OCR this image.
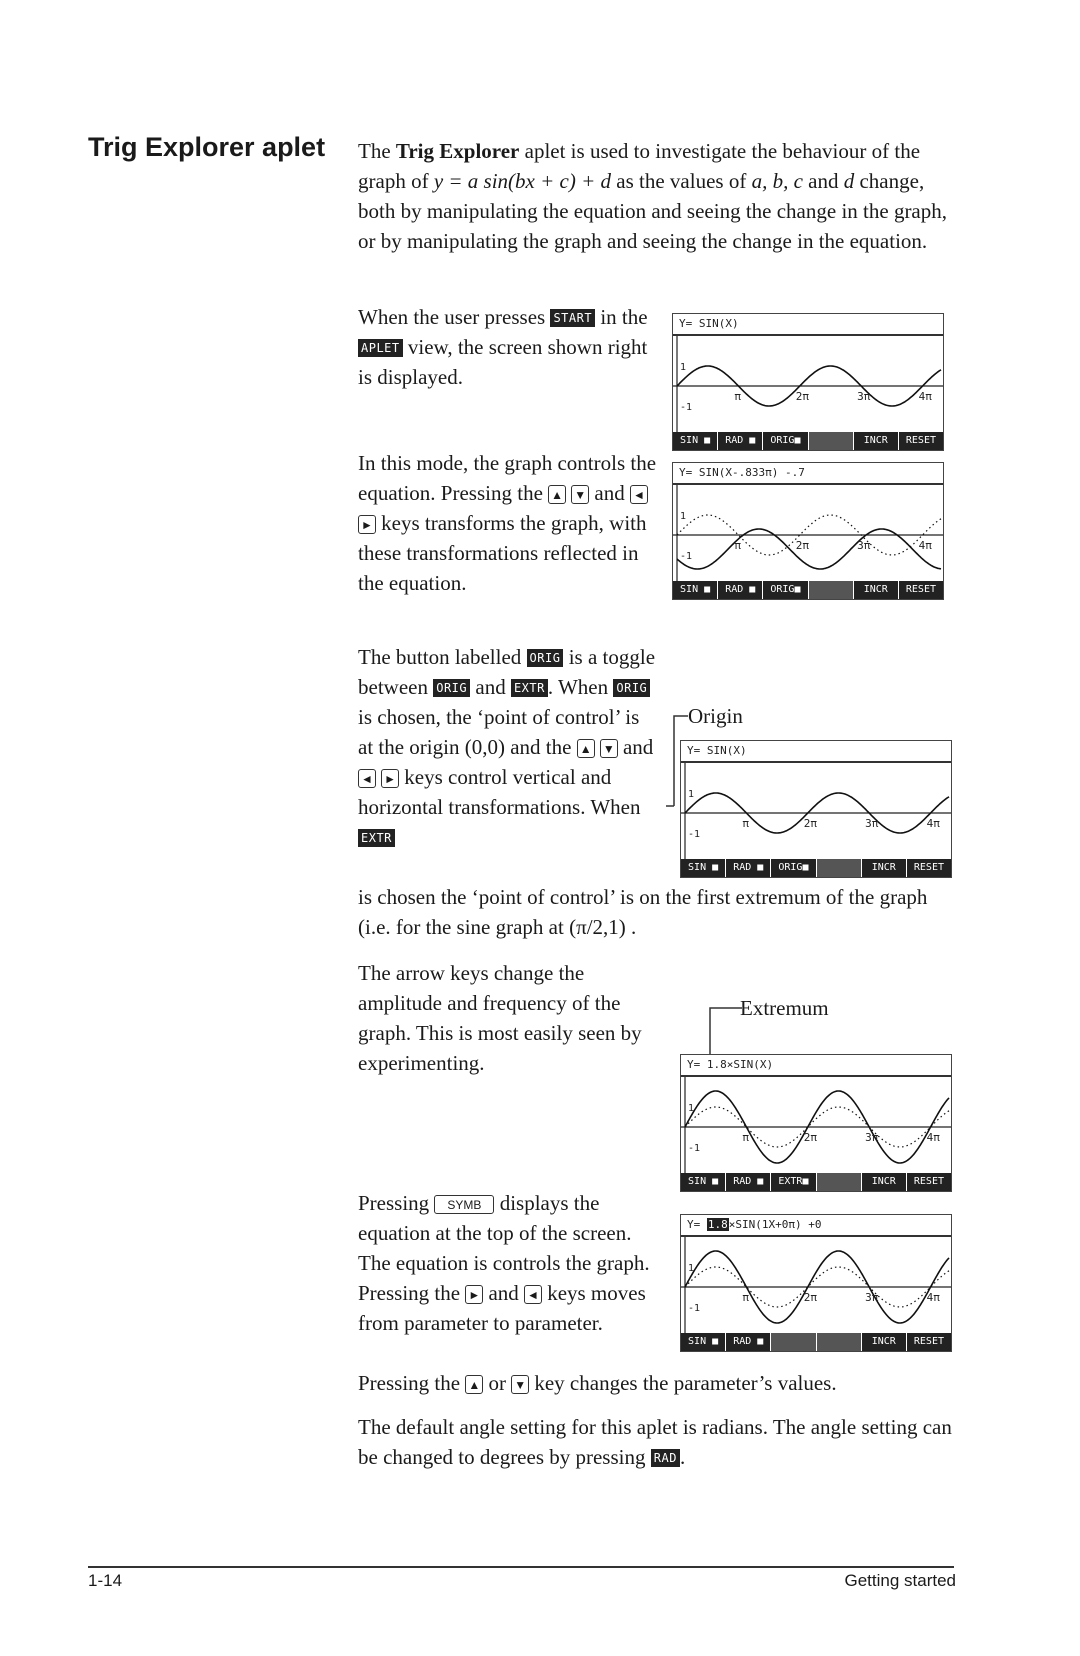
Trig Explorer aplet	The Trig Explorer aplet is used to investigate the behaviour of the graph of y = a sin(bx + c) + d as the values of a, b, c and d change, both by manipulating the equation and seeing the change in the graph, or by manipulating the graph and seeing the change in the equation.

When the user presses START in the APLET view, the screen shown right is displayed.

In this mode, the graph controls the equation. Pressing the ▲ ▼ and ◄ ► keys transforms the graph, with these transformations reflected in the equation.

The button labelled ORIG is a toggle between ORIG and EXTR . When ORIG is chosen, the ‘point of control’ is at the origin (0,0) and the ▲ ▼ and ◄ ► keys control vertical and horizontal transformations. When EXTR

is chosen the ‘point of control’ is on the first extremum of the graph (i.e. for the sine graph at (π/2,1) .

The arrow keys change the amplitude and frequency of the graph. This is most easily seen by experimenting.

Pressing SYMB displays the equation at the top of the screen. The equation is controls the graph. Pressing the ► and ◄ keys moves from parameter to parameter.

Pressing the ▲ or ▼ key changes the parameter’s values.

The default angle setting for this aplet is radians. The angle setting can be changed to degrees by pressing RAD .

Y= SIN(X)
π	2π	3π	4π
1
-1
SIN ■	RAD ■	ORIG■	INCR	RESET
Y= SIN(X-.833π) -.7
π	2π	3π	4π
1
-1
SIN ■	RAD ■	ORIG■	INCR	RESET
Origin
Y= SIN(X)
π	2π	3π	4π
1
-1
SIN ■	RAD ■	ORIG■	INCR	RESET
Extremum
Y= 1.8×SIN(X)
π	2π	3π	4π
1
-1
SIN ■	RAD ■	EXTR■	INCR	RESET
Y= 1.8×SIN(1X+0π) +0
π	2π	3π	4π
1
-1
SIN ■	RAD ■	INCR	RESET
1-14	Getting started
